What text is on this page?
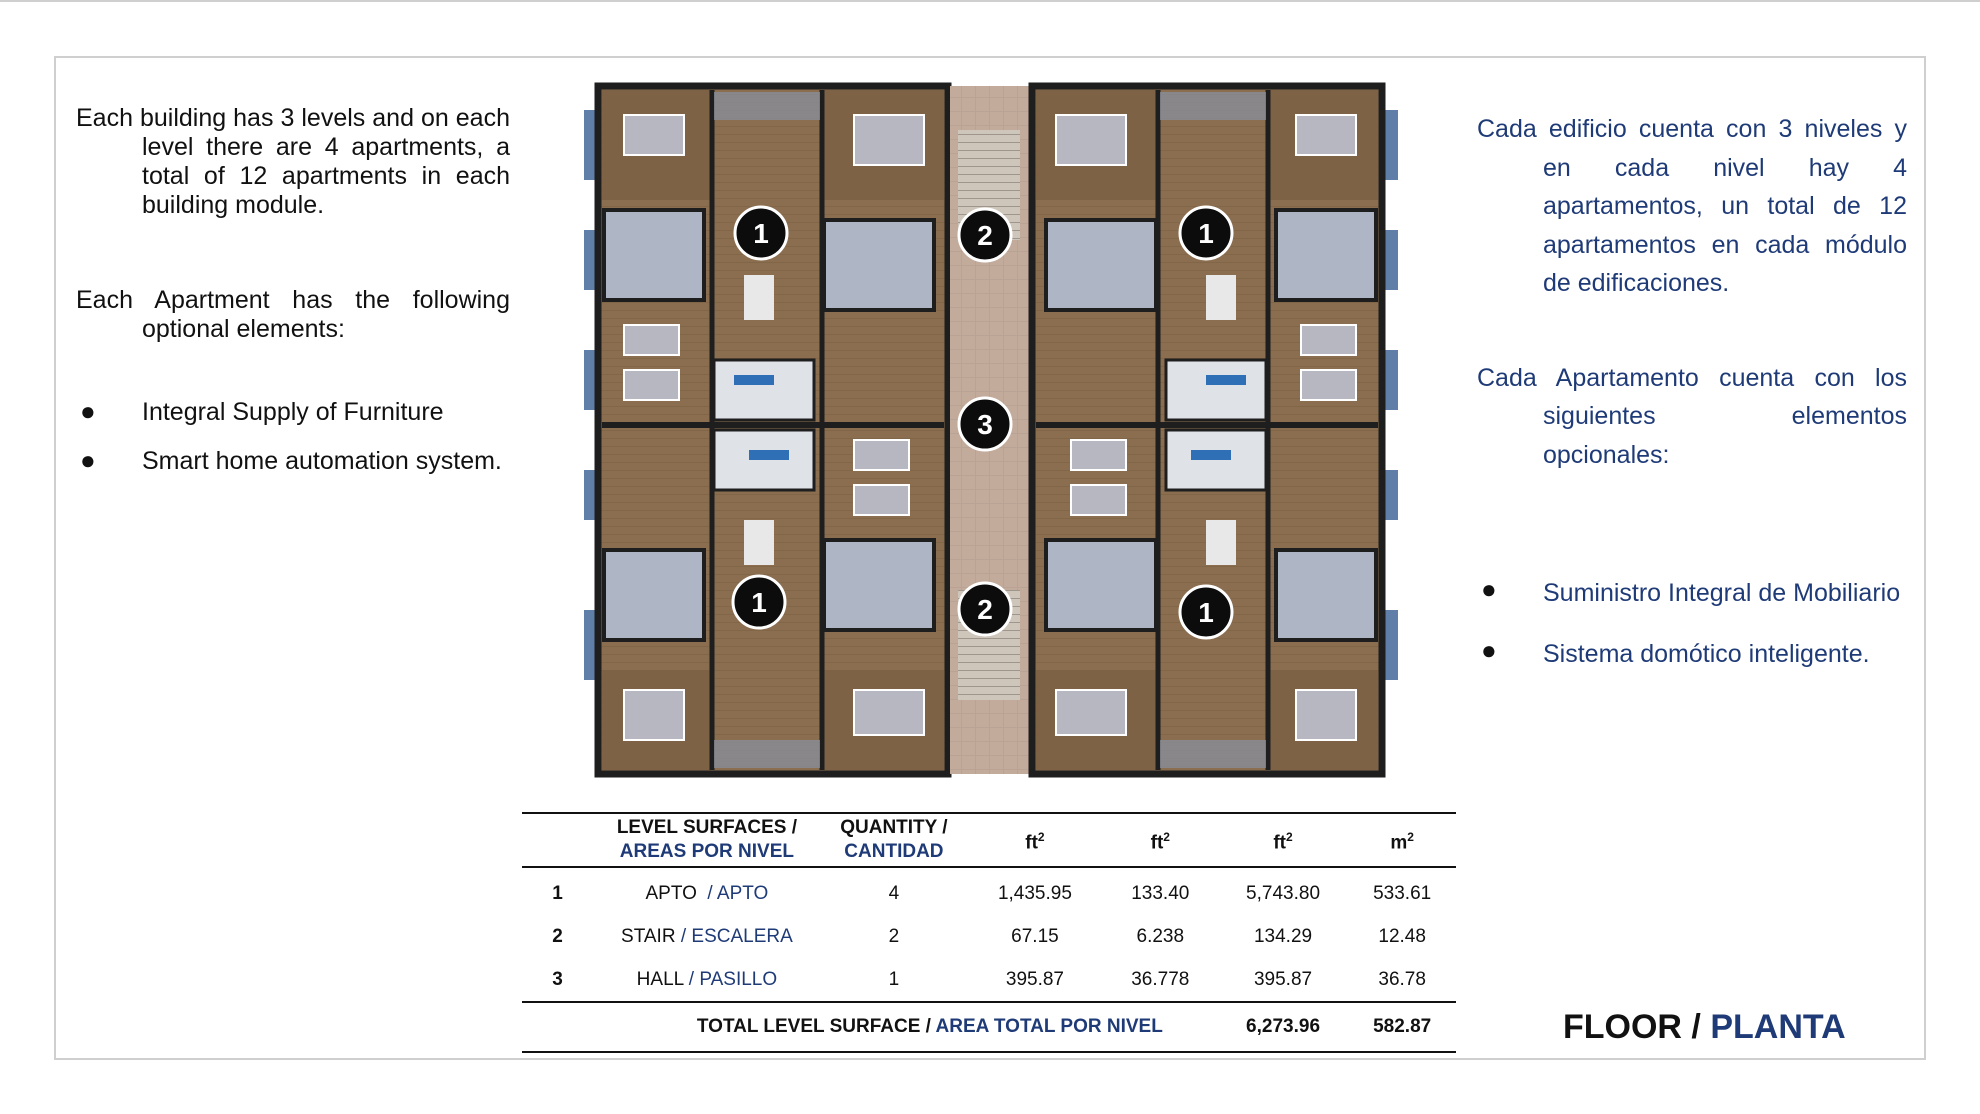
Each building has 3 levels and on each level there are 4 apartments, a total of 12 apartments in each building module.

Each Apartment has the following optional elements:

● Integral Supply of Furniture
● Smart home automation system.
1	2	1
3
1	2	1
	LEVEL SURFACES / AREAS POR NIVEL	QUANTITY /
CANTIDAD	$ft^2$	$ft^2$	$ft^2$	$m^2$
1	APTO / APTO	4	1,435.95	133.40	5,743.80	533.61
2	STAIR / ESCALERA	2	67.15	6.238	134.29	12.48
3	HALL / PASILLO	1	395.87	36.778	395.87	36.78
TOTAL LEVEL SURFACE / AREA TOTAL POR NIVEL					6,273.96	582.87

Cada edificio cuenta con 3 niveles y en cada nivel hay 4 apartamentos, un total de 12 apartamentos en cada módulo de edificaciones.

Cada Apartamento cuenta con los siguientes elementos opcionales:

● Suministro Integral de Mobiliario
● Sistema domótico inteligente.
FLOOR / PLANTA
